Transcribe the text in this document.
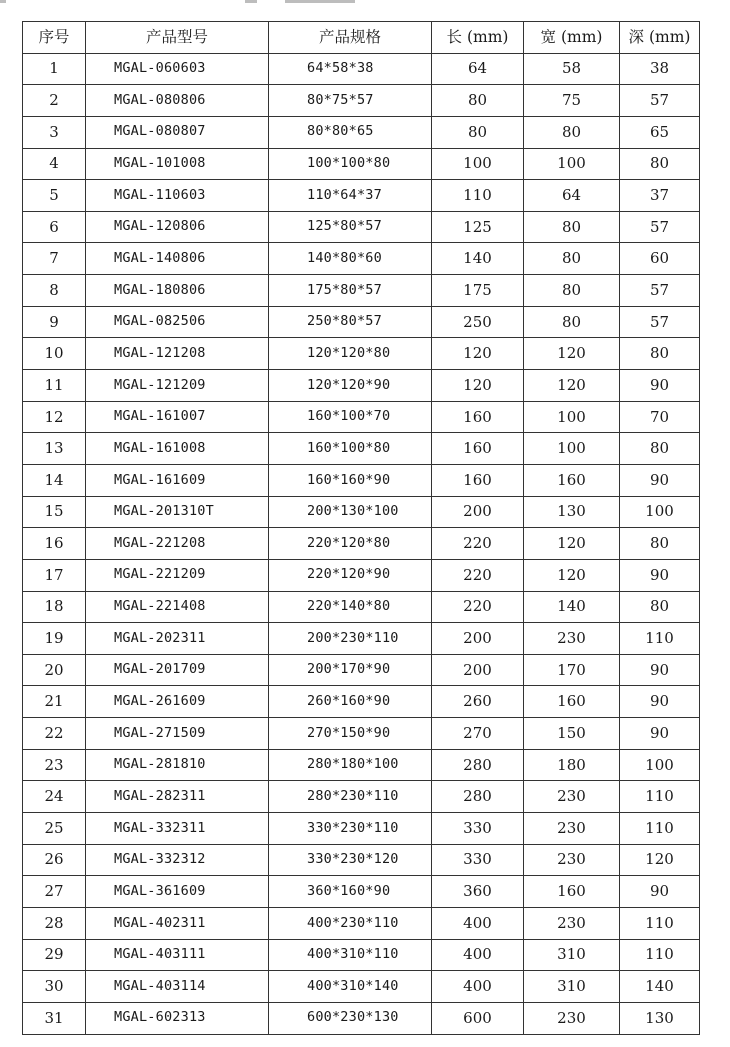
序号	产品型号	产品规格	长 (mm)	宽 (mm)	深 (mm)
1	MGAL-060603	64*58*38	64	58	38
2	MGAL-080806	80*75*57	80	75	57
3	MGAL-080807	80*80*65	80	80	65
4	MGAL-101008	100*100*80	100	100	80
5	MGAL-110603	110*64*37	110	64	37
6	MGAL-120806	125*80*57	125	80	57
7	MGAL-140806	140*80*60	140	80	60
8	MGAL-180806	175*80*57	175	80	57
9	MGAL-082506	250*80*57	250	80	57
10	MGAL-121208	120*120*80	120	120	80
11	MGAL-121209	120*120*90	120	120	90
12	MGAL-161007	160*100*70	160	100	70
13	MGAL-161008	160*100*80	160	100	80
14	MGAL-161609	160*160*90	160	160	90
15	MGAL-201310T	200*130*100	200	130	100
16	MGAL-221208	220*120*80	220	120	80
17	MGAL-221209	220*120*90	220	120	90
18	MGAL-221408	220*140*80	220	140	80
19	MGAL-202311	200*230*110	200	230	110
20	MGAL-201709	200*170*90	200	170	90
21	MGAL-261609	260*160*90	260	160	90
22	MGAL-271509	270*150*90	270	150	90
23	MGAL-281810	280*180*100	280	180	100
24	MGAL-282311	280*230*110	280	230	110
25	MGAL-332311	330*230*110	330	230	110
26	MGAL-332312	330*230*120	330	230	120
27	MGAL-361609	360*160*90	360	160	90
28	MGAL-402311	400*230*110	400	230	110
29	MGAL-403111	400*310*110	400	310	110
30	MGAL-403114	400*310*140	400	310	140
31	MGAL-602313	600*230*130	600	230	130
